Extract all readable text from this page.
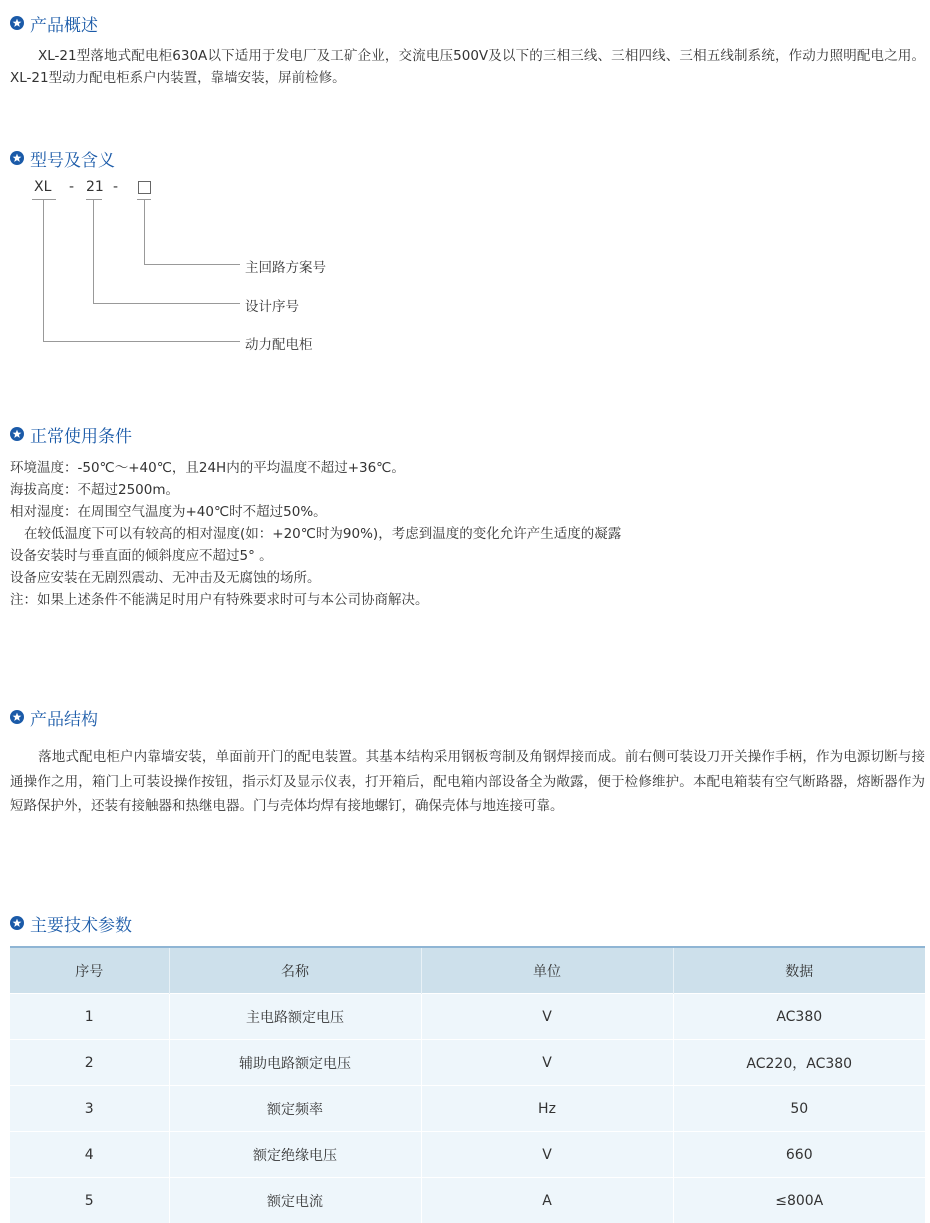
产品概述
XL-21型落地式配电柜630A以下适用于发电厂及工矿企业，交流电压500V及以下的三相三线、三相四线、三相五线制系统，作动力照明配电之用。XL-21型动力配电柜系户内装置，靠墙安装，屏前检修。
型号及含义
XL - 21 -
主回路方案号
设计序号
动力配电柜
正常使用条件
环境温度：-50℃～+40℃，且24H内的平均温度不超过+36℃。
海拔高度：不超过2500m。
相对湿度：在周围空气温度为+40℃时不超过50%。
在较低温度下可以有较高的相对湿度(如：+20℃时为90%)，考虑到温度的变化允许产生适度的凝露
设备安装时与垂直面的倾斜度应不超过5° 。
设备应安装在无剧烈震动、无冲击及无腐蚀的场所。
注：如果上述条件不能满足时用户有特殊要求时可与本公司协商解决。
产品结构
落地式配电柜户内靠墙安装，单面前开门的配电装置。其基本结构采用钢板弯制及角钢焊接而成。前右侧可装设刀开关操作手柄，作为电源切断与接通操作之用，箱门上可装设操作按钮，指示灯及显示仪表，打开箱后，配电箱内部设备全为敞露，便于检修维护。本配电箱装有空气断路器，熔断器作为短路保护外，还装有接触器和热继电器。门与壳体均焊有接地螺钉，确保壳体与地连接可靠。
主要技术参数
序号	名称	单位	数据
1	主电路额定电压	V	AC380
2	辅助电路额定电压	V	AC220，AC380
3	额定频率	Hz	50
4	额定绝缘电压	V	660
5	额定电流	A	≤800A
